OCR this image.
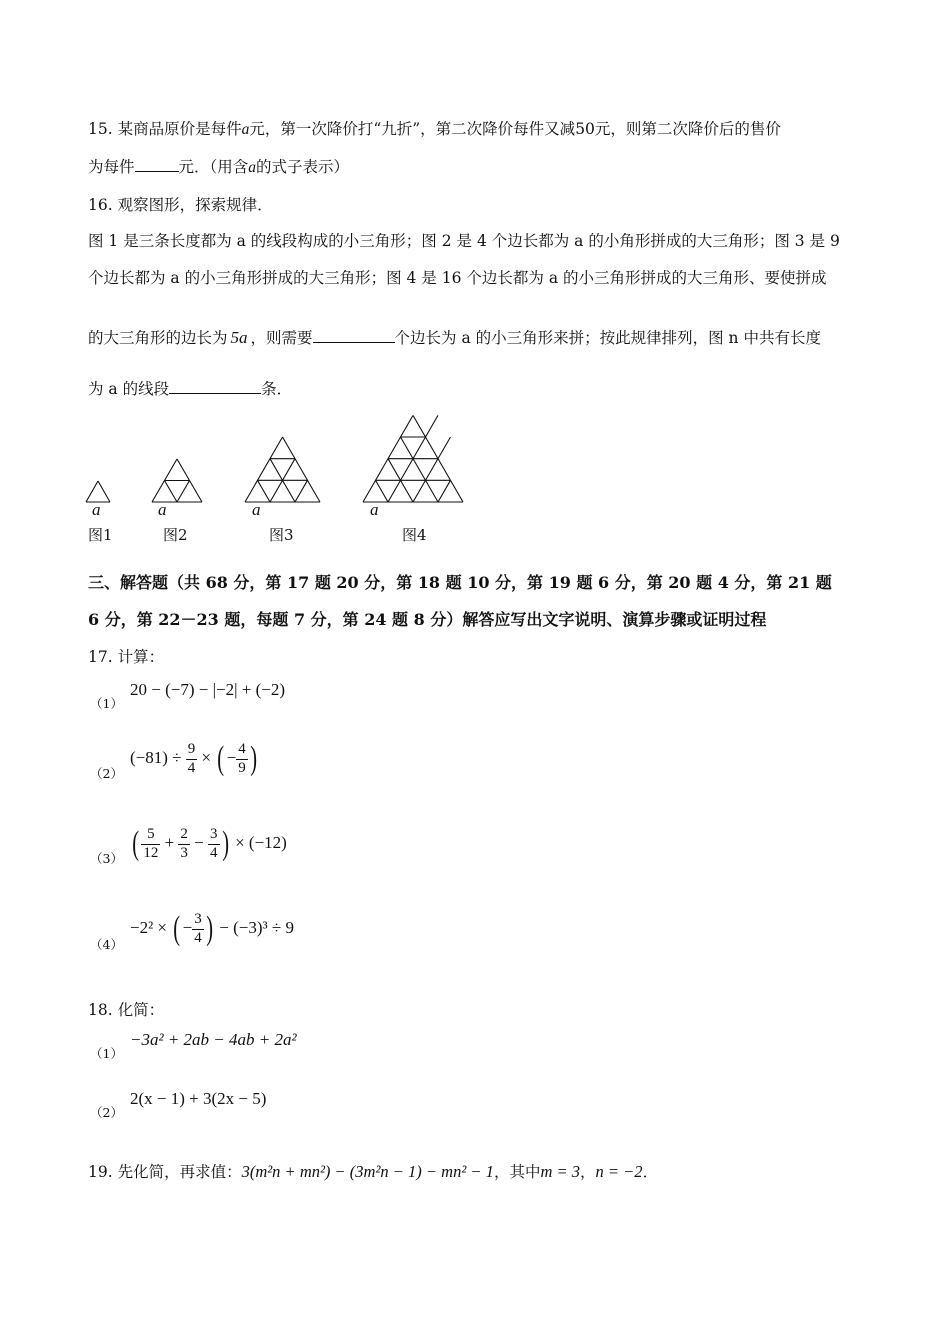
15. 某商品原价是每件a元，第一次降价打“九折”，第二次降价每件又减50元，则第二次降价后的售价
为每件	元．（用含a的式子表示）
16. 观察图形，探索规律．
图 1 是三条长度都为 a 的线段构成的小三角形；图 2 是 4 个边长都为 a 的小角形拼成的大三角形；图 3 是 9
个边长都为 a 的小三角形拼成的大三角形；图 4 是 16 个边长都为 a 的小三角形拼成的大三角形、要使拼成
的大三角形的边长为 5a ，则需要	个边长为 a 的小三角形来拼；按此规律排列，图 n 中共有长度
为 a 的线段	条．
a	a	a	a
图1	图2	图3	图4
三、解答题（共 68 分，第 17 题 20 分，第 18 题 10 分，第 19 题 6 分，第 20 题 4 分，第 21 题
6 分，第 22－23 题，每题 7 分，第 24 题 8 分）解答应写出文字说明、演算步骤或证明过程
17. 计算：
（1）
20 − (−7) − |−2| + (−2)
（2）
$(-81) \div \frac{9}{4}$ × ( − $\frac{4}{9}$ )
（3） ( $\frac{5}{12} + \frac{2}{3} - \frac{3}{4}$ ) × (−12)
（4）
−2² × ( − $\frac{3}{4}$ ) − (−3)³ ÷ 9
18. 化简：
（1）
−3a² + 2ab − 4ab + 2a²
（2）
2(x − 1) + 3(2x − 5)
19. 先化简，再求值：3(m²n + mn²) − (3m²n − 1) − mn² − 1，其中m = 3，n = −2．
